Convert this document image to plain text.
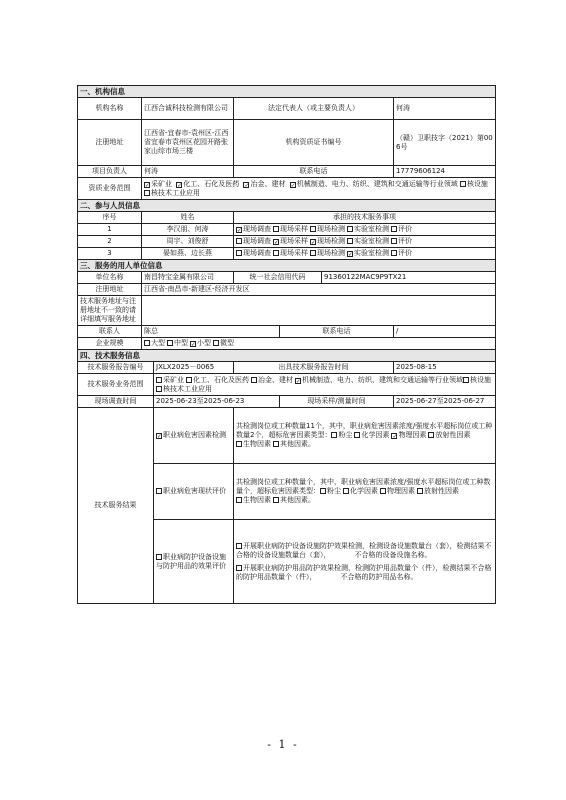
一、机构信息						
机构名称	江西合诚科技检测有限公司		法定代表人（或主要负责人）			何涛
注册地址	江西省-宜春市-袁州区-江西省宜春市袁州区花园开路张家山综市场三楼		机构资质证书编号			（赣）卫职技字（2021）第006号
项目负责人	何涛		联系电话			17779606124
资质业务范围	✓采矿业 ✓化工、石化及医药 ✓冶金、建材 ✓机械制造、电力、纺织、建筑和交通运输等行业领域 核设施 核技术工业应用					
二、参与人员信息						
序号	姓名		承担的技术服务事项			
1	李汉朋、何涛		✓现场调查 现场采样 现场检测 实验室检测 评价			
2	周宇、刘俊舒		现场调查 ✓现场采样 ✓现场检测 实验室检测 评价			
3	晏如燕、边长燕		现场调查 现场采样 现场检测 ✓实验室检测 评价			
三、服务的用人单位信息						
单位名称	南昌特宝金属有限公司		统一社会信用代码		91360122MAC9P9TX21	
注册地址	江西省-南昌市-新建区-经济开发区					
技术服务地址与注册地址不一致的请详细填写服务地址						
联系人	陈总			联系电话		/
企业规模	大型 中型 ✓小型 微型					
四、技术服务信息						
技术服务报告编号		JXLX2025－0065	出具技术服务报告时间			2025-08-15
技术服务业务范围		采矿业 化工、石化及医药 冶金、建材 ✓机械制造、电力、纺织、建筑和交通运输等行业领域 核设施核技术工业应用				
现场调查时间		2025-06-23至2025-06-23		现场采样/测量时间		2025-06-27至2025-06-27
技术服务结果		✓职业病危害因素检测	共检测岗位或工种数量11个，其中，职业病危害因素浓度/强度水平超标岗位或工种数量2个，超标危害因素类型： 粉尘 化学因素 ✓物理因素 放射性因素生物因素 其他因素。			
		职业病危害现状评价	共检测岗位或工种数量个，其中，职业病危害因素浓度/强度水平超标岗位或工种数量个，超标危害因素类型： 粉尘 化学因素 物理因素 放射性因素生物因素 其他因素。			
		职业病防护设备设施与防护用品的效果评价	开展职业病防护设备设施防护效果检测，检测设备设施数量台（套），检测结果不合格的设备设施数量台（套）， 不合格的设备设施名称。
开展职业病防护用品防护效果检测，检测防护用品数量个（件），检测结果不合格的防护用品数量个（件）， 不合格的防护用品名称。			
- 1 -
